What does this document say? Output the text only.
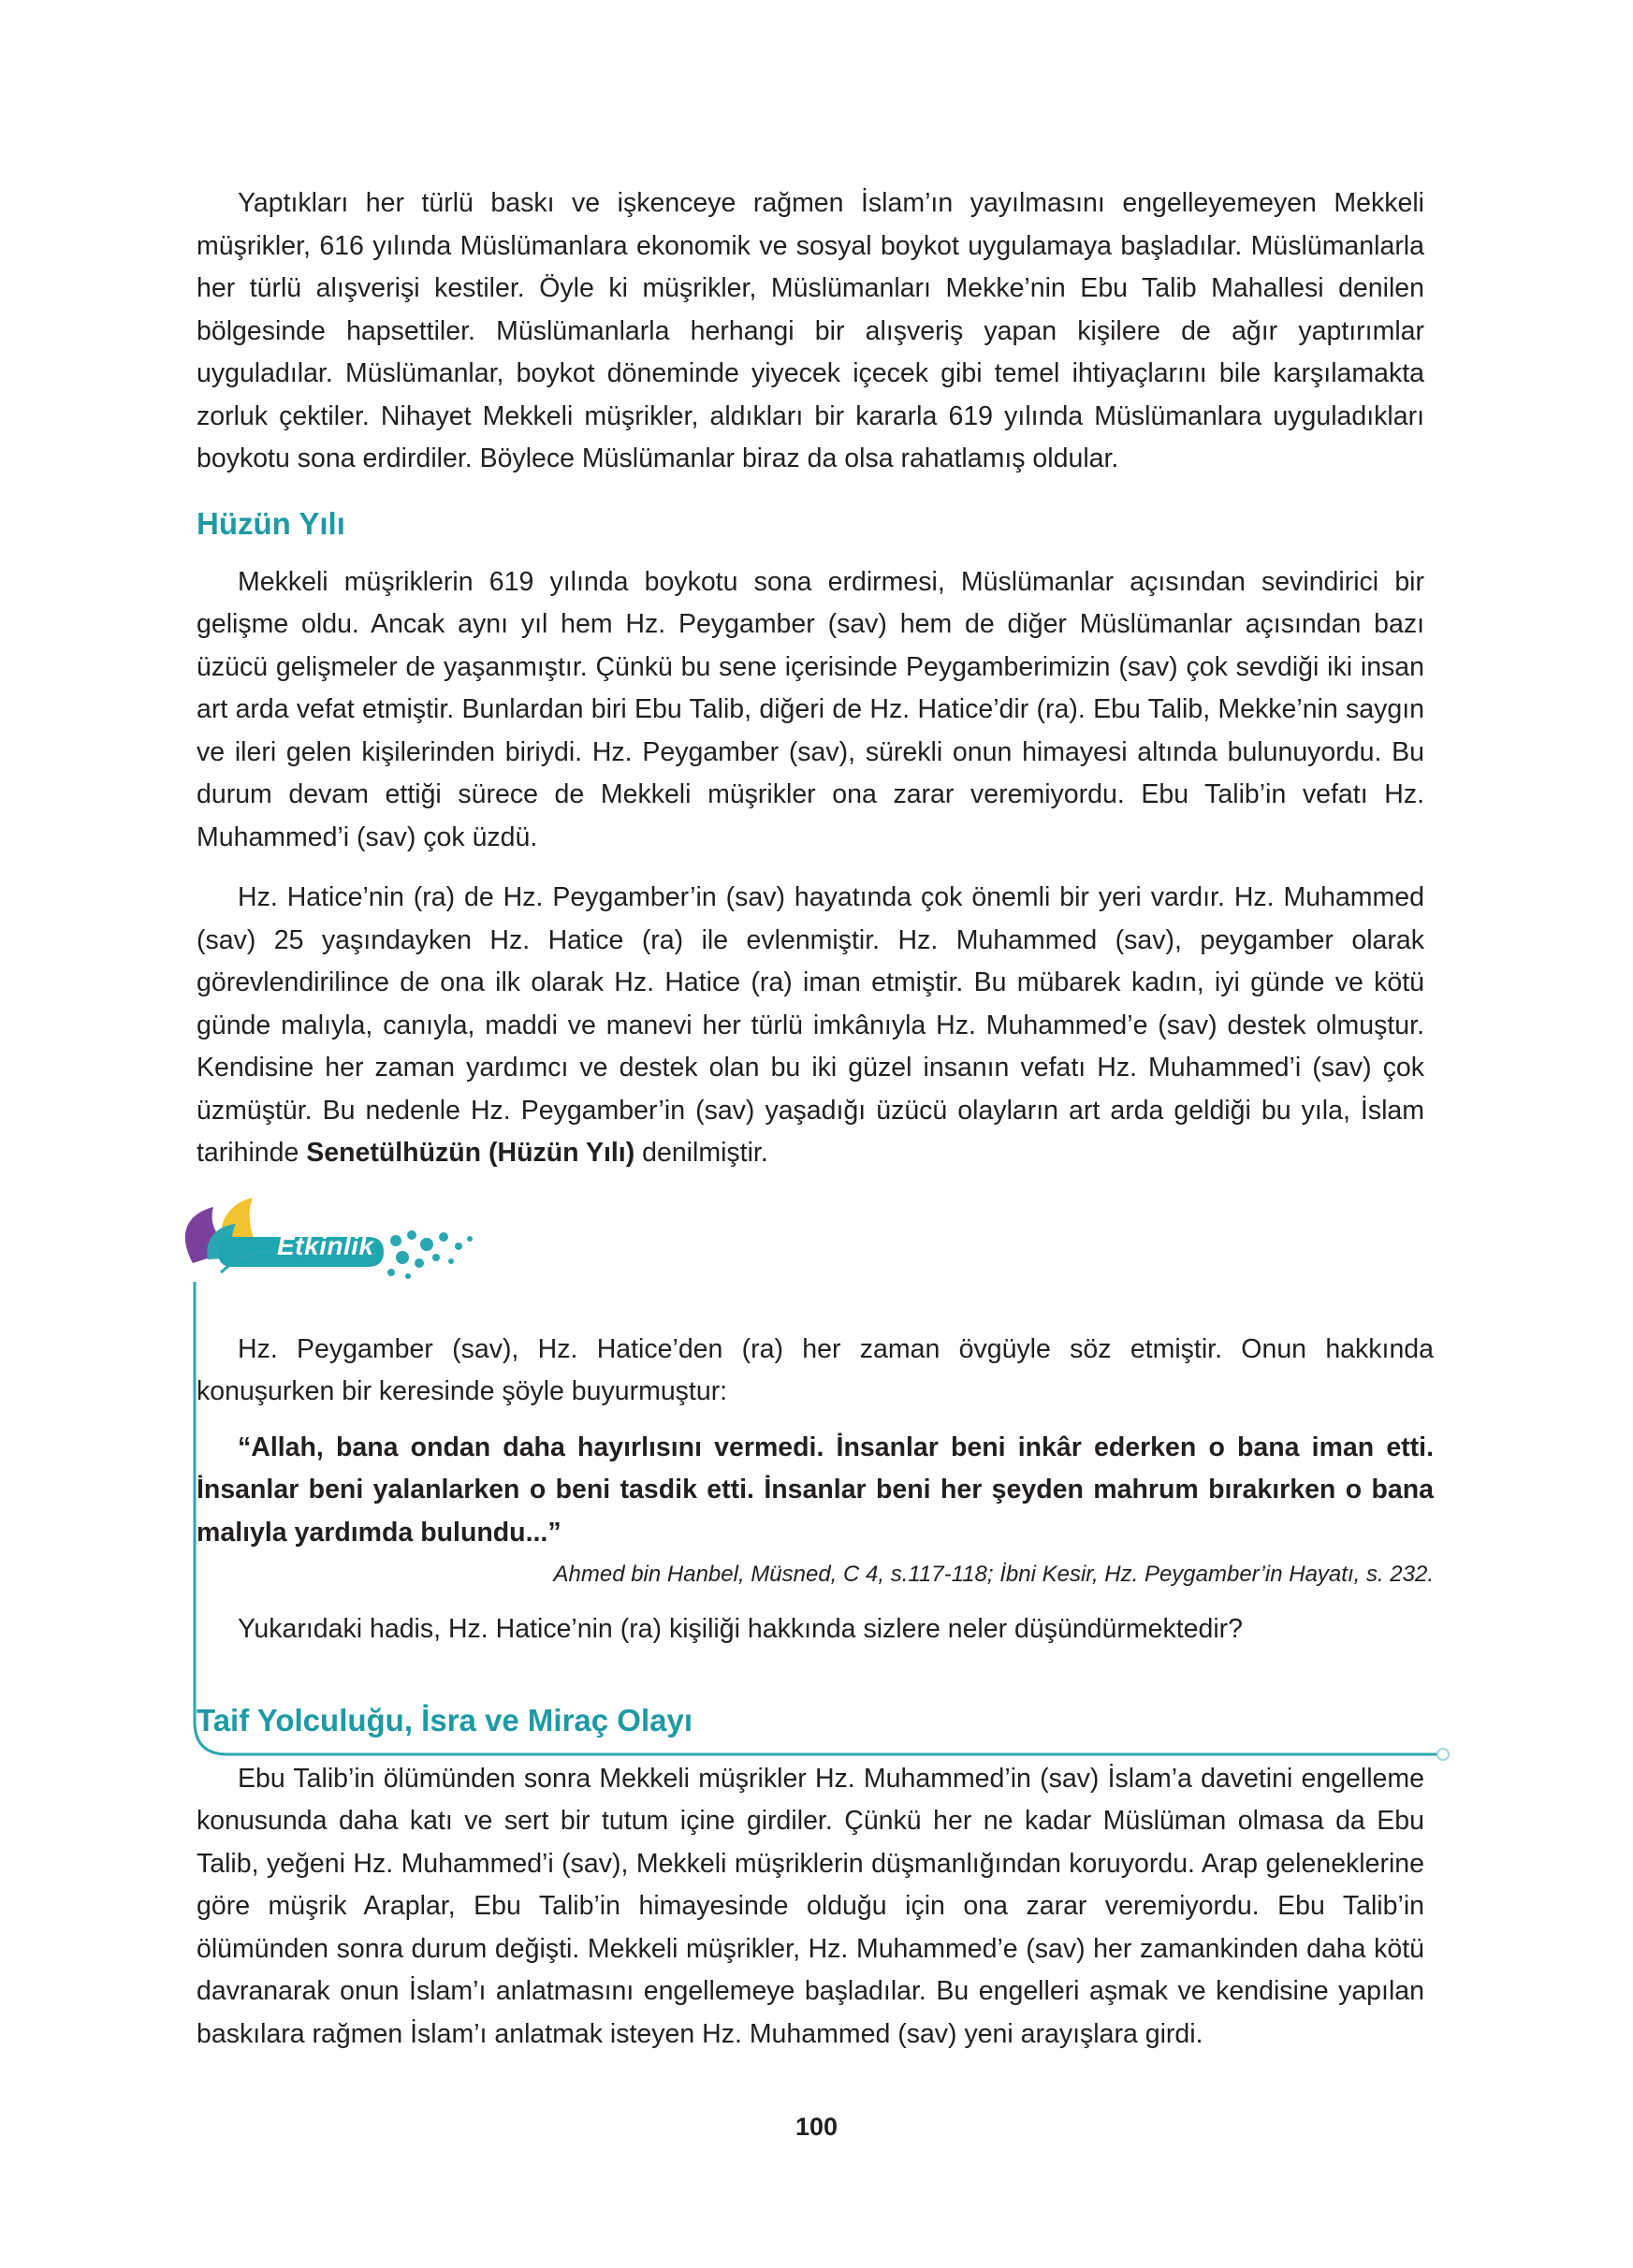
Yaptıkları her türlü baskı ve işkenceye rağmen İslam’ın yayılmasını engelleyemeyen Mekkeli müşrikler, 616 yılında Müslümanlara ekonomik ve sosyal boykot uygulamaya başladılar. Müslümanlarla her türlü alışverişi kestiler. Öyle ki müşrikler, Müslümanları Mekke’nin Ebu Talib Mahallesi denilen bölgesinde hapsettiler. Müslümanlarla herhangi bir alışveriş yapan kişilere de ağır yaptırımlar uyguladılar. Müslümanlar, boykot döneminde yiyecek içecek gibi temel ihtiyaçlarını bile karşılamakta zorluk çektiler. Nihayet Mekkeli müşrikler, aldıkları bir kararla 619 yılında Müslümanlara uyguladıkları boykotu sona erdirdiler. Böylece Müslümanlar biraz da olsa rahatlamış oldular.

Hüzün Yılı

Mekkeli müşriklerin 619 yılında boykotu sona erdirmesi, Müslümanlar açısından sevindirici bir gelişme oldu. Ancak aynı yıl hem Hz. Peygamber (sav) hem de diğer Müslümanlar açısından bazı üzücü gelişmeler de yaşanmıştır. Çünkü bu sene içerisinde Peygamberimizin (sav) çok sevdiği iki insan art arda vefat etmiştir. Bunlardan biri Ebu Talib, diğeri de Hz. Hatice’dir (ra). Ebu Talib, Mekke’nin saygın ve ileri gelen kişilerinden biriydi. Hz. Peygamber (sav), sürekli onun himayesi altında bulunuyordu. Bu durum devam ettiği sürece de Mekkeli müşrikler ona zarar veremiyordu. Ebu Talib’in vefatı Hz. Muhammed’i (sav) çok üzdü.

Hz. Hatice’nin (ra) de Hz. Peygamber’in (sav) hayatında çok önemli bir yeri vardır. Hz. Muhammed (sav) 25 yaşındayken Hz. Hatice (ra) ile evlenmiştir. Hz. Muhammed (sav), peygamber olarak görevlendirilince de ona ilk olarak Hz. Hatice (ra) iman etmiştir. Bu mübarek kadın, iyi günde ve kötü günde malıyla, canıyla, maddi ve manevi her türlü imkânıyla Hz. Muhammed’e (sav) destek olmuştur. Kendisine her zaman yardımcı ve destek olan bu iki güzel insanın vefatı Hz. Muhammed’i (sav) çok üzmüştür. Bu nedenle Hz. Peygamber’in (sav) yaşadığı üzücü olayların art arda geldiği bu yıla, İslam tarihinde Senetülhüzün (Hüzün Yılı) denilmiştir.

Etkinlik

Hz. Peygamber (sav), Hz. Hatice’den (ra) her zaman övgüyle söz etmiştir. Onun hakkında konuşurken bir keresinde şöyle buyurmuştur:

“Allah, bana ondan daha hayırlısını vermedi. İnsanlar beni inkâr ederken o bana iman etti. İnsanlar beni yalanlarken o beni tasdik etti. İnsanlar beni her şeyden mahrum bırakırken o bana malıyla yardımda bulundu...”

Ahmed bin Hanbel, Müsned, C 4, s.117-118; İbni Kesir, Hz. Peygamber’in Hayatı, s. 232.

Yukarıdaki hadis, Hz. Hatice’nin (ra) kişiliği hakkında sizlere neler düşündürmektedir?

Taif Yolculuğu, İsra ve Miraç Olayı

Ebu Talib’in ölümünden sonra Mekkeli müşrikler Hz. Muhammed’in (sav) İslam’a davetini engelleme konusunda daha katı ve sert bir tutum içine girdiler. Çünkü her ne kadar Müslüman olmasa da Ebu Talib, yeğeni Hz. Muhammed’i (sav), Mekkeli müşriklerin düşmanlığından koruyordu. Arap geleneklerine göre müşrik Araplar, Ebu Talib’in himayesinde olduğu için ona zarar veremiyordu. Ebu Talib’in ölümünden sonra durum değişti. Mekkeli müşrikler, Hz. Muhammed’e (sav) her zamankinden daha kötü davranarak onun İslam’ı anlatmasını engellemeye başladılar. Bu engelleri aşmak ve kendisine yapılan baskılara rağmen İslam’ı anlatmak isteyen Hz. Muhammed (sav) yeni arayışlara girdi.

100
